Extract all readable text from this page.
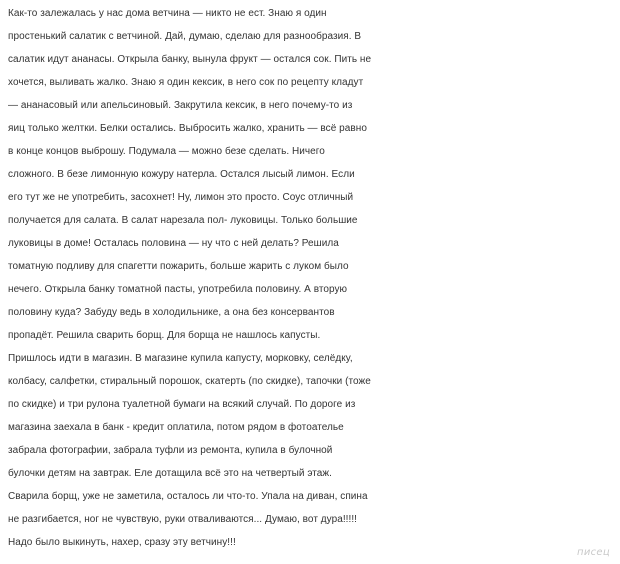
Как-то залежалась у нас дома ветчина — никто не ест. Знаю я один
простенький салатик с ветчиной. Дай, думаю, сделаю для разнообразия. В
салатик идут ананасы. Открыла банку, вынула фрукт — остался сок. Пить не
хочется, выливать жалко. Знаю я один кексик, в него сок по рецепту кладут
— ананасовый или апельсиновый. Закрутила кексик, в него почему-то из
яиц только желтки. Белки остались. Выбросить жалко, хранить — всё равно
в конце концов выброшу. Подумала — можно безе сделать. Ничего
сложного. В безе лимонную кожуру натерла. Остался лысый лимон. Если
его тут же не употребить, засохнет! Ну, лимон это просто. Соус отличный
получается для салата. В салат нарезала пол- луковицы. Только большие
луковицы в доме! Осталась половина — ну что с ней делать? Решила
томатную подливу для спагетти пожарить, больше жарить с луком было
нечего. Открыла банку томатной пасты, употребила половину. А вторую
половину куда? Забуду ведь в холодильнике, а она без консервантов
пропадёт. Решила сварить борщ. Для борща не нашлось капусты.
Пришлось идти в магазин. В магазине купила капусту, морковку, селёдку,
колбасу, салфетки, стиральный порошок, скатерть (по скидке), тапочки (тоже
по скидке) и три рулона туалетной бумаги на всякий случай. По дороге из
магазина заехала в банк - кредит оплатила, потом рядом в фотоателье
забрала фотографии, забрала туфли из ремонта, купила в булочной
булочки детям на завтрак. Еле дотащила всё это на четвертый этаж.
Сварила борщ, уже не заметила, осталось ли что-то. Упала на диван, спина
не разгибается, ног не чувствую, руки отваливаются... Думаю, вот дура!!!!!
Надо было выкинуть, нахер, сразу эту ветчину!!!
писец
